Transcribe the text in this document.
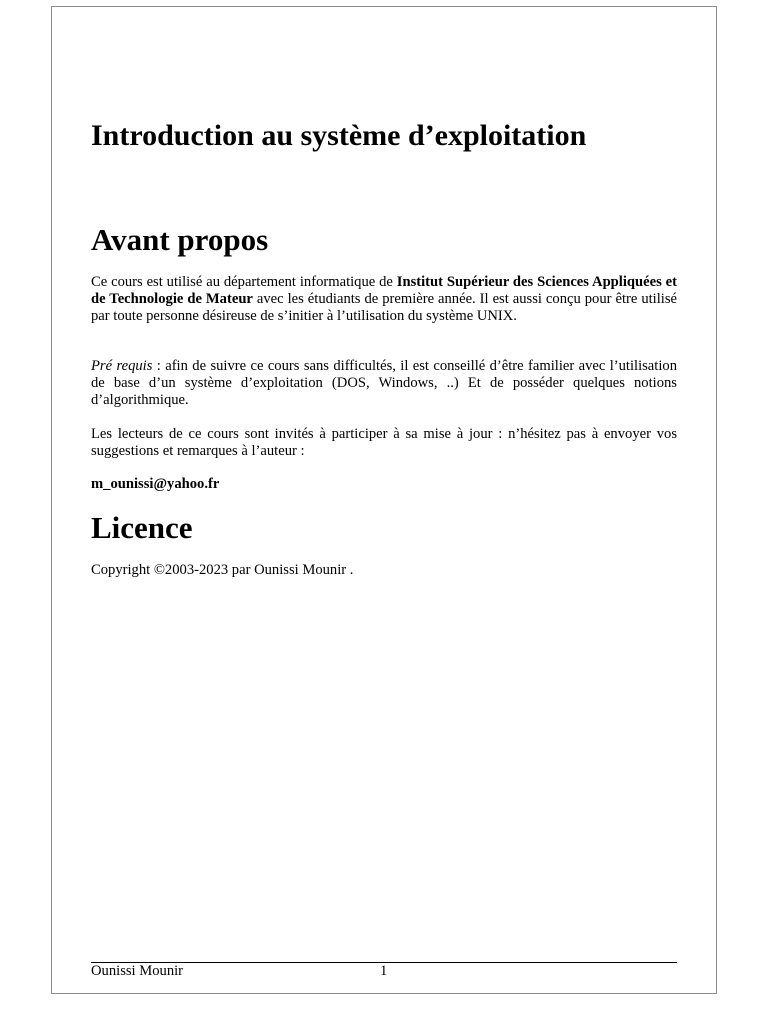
Introduction au système d’exploitation
Avant propos

Ce cours est utilisé au département informatique de Institut Supérieur des Sciences Appliquées et de Technologie de Mateur avec les étudiants de première année. Il est aussi conçu pour être utilisé par toute personne désireuse de s’initier à l’utilisation du système UNIX.

Pré requis : afin de suivre ce cours sans difficultés, il est conseillé d’être familier avec l’utilisation de base d’un système d’exploitation (DOS, Windows, ..) Et de posséder quelques notions d’algorithmique.

Les lecteurs de ce cours sont invités à participer à sa mise à jour : n’hésitez pas à envoyer vos suggestions et remarques à l’auteur :

m_ounissi@yahoo.fr

Licence

Copyright ©2003-2023 par Ounissi Mounir .

Ounissi Mounir	1
